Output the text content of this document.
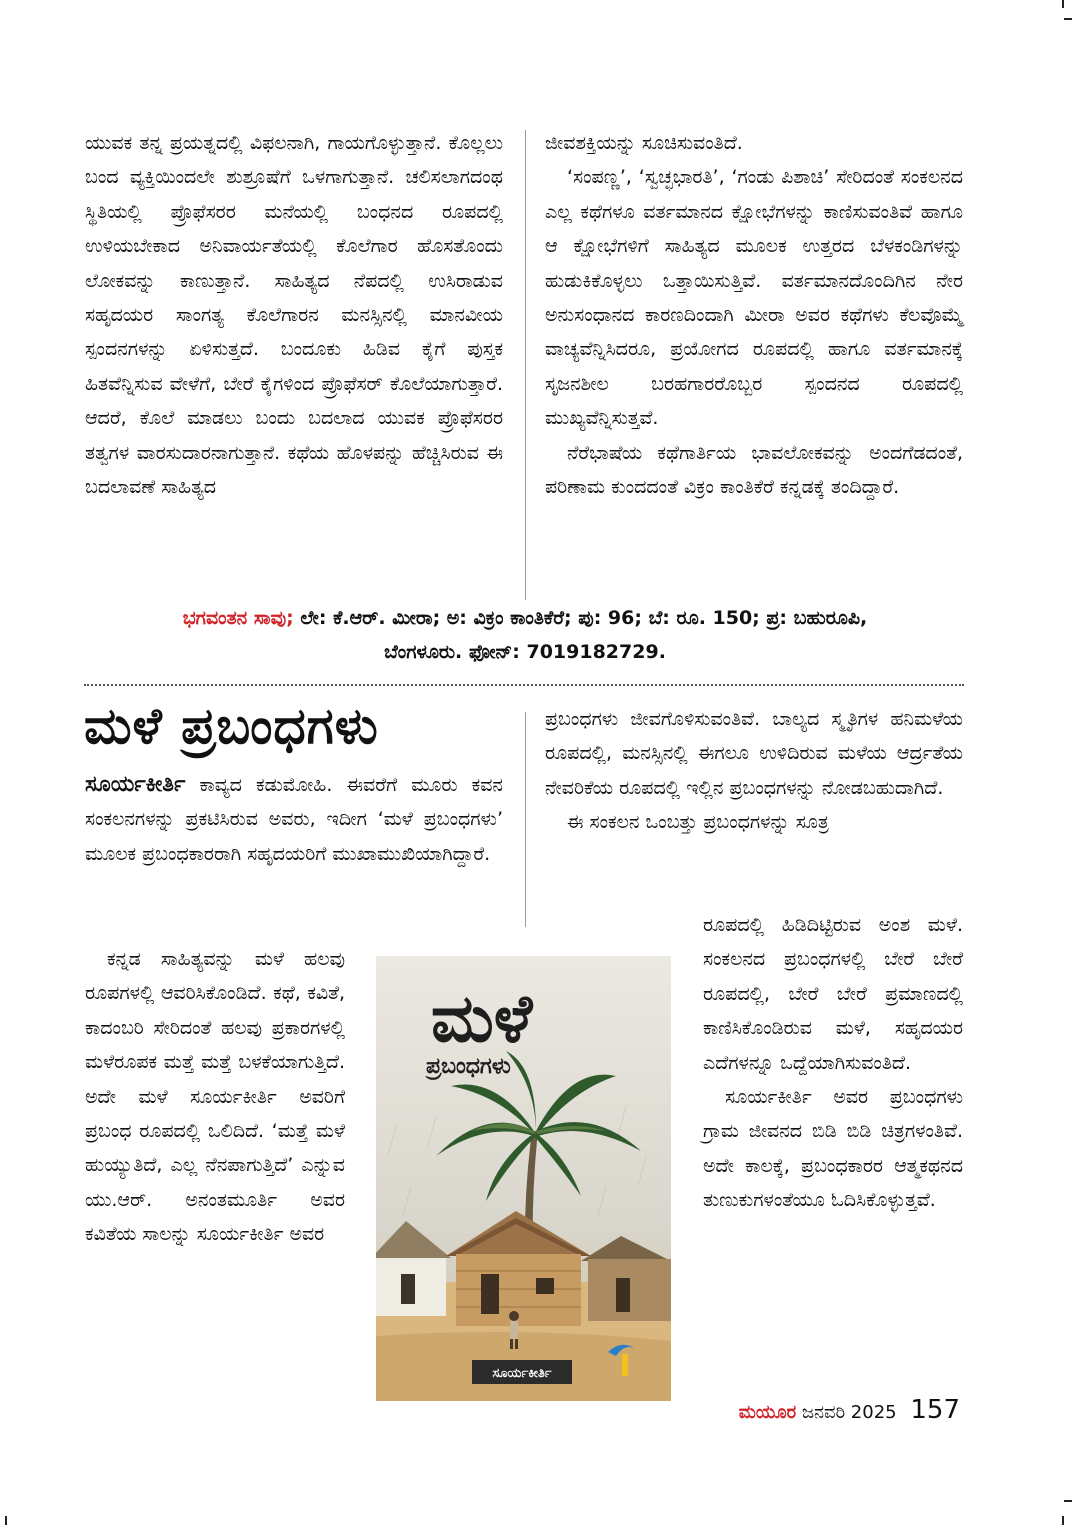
ಯುವಕ ತನ್ನ ಪ್ರಯತ್ನದಲ್ಲಿ ವಿಫಲನಾಗಿ, ಗಾಯಗೊಳ್ಳುತ್ತಾನೆ. ಕೊಲ್ಲಲು ಬಂದ ವ್ಯಕ್ತಿಯಿಂದಲೇ ಶುಶ್ರೂಷೆಗೆ ಒಳಗಾಗುತ್ತಾನೆ. ಚಲಿಸಲಾಗದಂಥ ಸ್ಥಿತಿಯಲ್ಲಿ ಪ್ರೊಫೆಸರರ ಮನೆಯಲ್ಲಿ ಬಂಧನದ ರೂಪದಲ್ಲಿ ಉಳಿಯಬೇಕಾದ ಅನಿವಾರ್ಯತೆಯಲ್ಲಿ ಕೊಲೆಗಾರ ಹೊಸತೊಂದು ಲೋಕವನ್ನು ಕಾಣುತ್ತಾನೆ. ಸಾಹಿತ್ಯದ ನೆಪದಲ್ಲಿ ಉಸಿರಾಡುವ ಸಹೃದಯರ ಸಾಂಗತ್ಯ ಕೊಲೆಗಾರನ ಮನಸ್ಸಿನಲ್ಲಿ ಮಾನವೀಯ ಸ್ಪಂದನಗಳನ್ನು ಏಳಿಸುತ್ತದೆ. ಬಂದೂಕು ಹಿಡಿವ ಕೈಗೆ ಪುಸ್ತಕ ಹಿತವೆನ್ನಿಸುವ ವೇಳೆಗೆ, ಬೇರೆ ಕೈಗಳಿಂದ ಪ್ರೊಫೆಸರ್ ಕೊಲೆಯಾಗುತ್ತಾರೆ. ಆದರೆ, ಕೊಲೆ ಮಾಡಲು ಬಂದು ಬದಲಾದ ಯುವಕ ಪ್ರೊಫೆಸರರ ತತ್ವಗಳ ವಾರಸುದಾರನಾಗುತ್ತಾನೆ. ಕಥೆಯ ಹೊಳಪನ್ನು ಹೆಚ್ಚಿಸಿರುವ ಈ ಬದಲಾವಣೆ ಸಾಹಿತ್ಯದ

ಜೀವಶಕ್ತಿಯನ್ನು ಸೂಚಿಸುವಂತಿದೆ.

‘ಸಂಪಣ್ಣ’, ‘ಸ್ವಚ್ಛಭಾರತಿ’, ‘ಗಂಡು ಪಿಶಾಚಿ’ ಸೇರಿದಂತೆ ಸಂಕಲನದ ಎಲ್ಲ ಕಥೆಗಳೂ ವರ್ತಮಾನದ ಕ್ಷೋಭೆಗಳನ್ನು ಕಾಣಿಸುವಂತಿವೆ ಹಾಗೂ ಆ ಕ್ಷೋಭೆಗಳಿಗೆ ಸಾಹಿತ್ಯದ ಮೂಲಕ ಉತ್ತರದ ಬೆಳಕಂಡಿಗಳನ್ನು ಹುಡುಕಿಕೊಳ್ಳಲು ಒತ್ತಾಯಿಸುತ್ತಿವೆ. ವರ್ತಮಾನದೊಂದಿಗಿನ ನೇರ ಅನುಸಂಧಾನದ ಕಾರಣದಿಂದಾಗಿ ಮೀರಾ ಅವರ ಕಥೆಗಳು ಕೆಲವೊಮ್ಮೆ ವಾಚ್ಯವೆನ್ನಿಸಿದರೂ, ಪ್ರಯೋಗದ ರೂಪದಲ್ಲಿ ಹಾಗೂ ವರ್ತಮಾನಕ್ಕೆ ಸೃಜನಶೀಲ ಬರಹಗಾರರೊಬ್ಬರ ಸ್ಪಂದನದ ರೂಪದಲ್ಲಿ ಮುಖ್ಯವೆನ್ನಿಸುತ್ತವೆ.

ನೆರೆಭಾಷೆಯ ಕಥೆಗಾರ್ತಿಯ ಭಾವಲೋಕವನ್ನು ಅಂದಗೆಡದಂತೆ, ಪರಿಣಾಮ ಕುಂದದಂತೆ ವಿಕ್ರಂ ಕಾಂತಿಕೆರೆ ಕನ್ನಡಕ್ಕೆ ತಂದಿದ್ದಾರೆ.

ಭಗವಂತನ ಸಾವು; ಲೇ: ಕೆ.ಆರ್. ಮೀರಾ; ಅ: ವಿಕ್ರಂ ಕಾಂತಿಕೆರೆ; ಪು: 96; ಬೆ: ರೂ. 150; ಪ್ರ: ಬಹುರೂಪಿ,
ಬೆಂಗಳೂರು. ಫೋನ್: 7019182729.
ಮಳೆ ಪ್ರಬಂಧಗಳು

ಸೂರ್ಯಕೀರ್ತಿ ಕಾವ್ಯದ ಕಡುಮೋಹಿ. ಈವರೆಗೆ ಮೂರು ಕವನ ಸಂಕಲನಗಳನ್ನು ಪ್ರಕಟಿಸಿರುವ ಅವರು, ಇದೀಗ ‘ಮಳೆ ಪ್ರಬಂಧಗಳು’ ಮೂಲಕ ಪ್ರಬಂಧಕಾರರಾಗಿ ಸಹೃದಯರಿಗೆ ಮುಖಾಮುಖಿಯಾಗಿದ್ದಾರೆ.

ಕನ್ನಡ ಸಾಹಿತ್ಯವನ್ನು ಮಳೆ ಹಲವು ರೂಪಗಳಲ್ಲಿ ಆವರಿಸಿಕೊಂಡಿದೆ. ಕಥೆ, ಕವಿತೆ, ಕಾದಂಬರಿ ಸೇರಿದಂತೆ ಹಲವು ಪ್ರಕಾರಗಳಲ್ಲಿ ಮಳೆರೂಪಕ ಮತ್ತೆ ಮತ್ತೆ ಬಳಕೆಯಾಗುತ್ತಿದೆ. ಅದೇ ಮಳೆ ಸೂರ್ಯಕೀರ್ತಿ ಅವರಿಗೆ ಪ್ರಬಂಧ ರೂಪದಲ್ಲಿ ಒಲಿದಿದೆ. ‘ಮತ್ತೆ ಮಳೆ ಹುಯ್ಯುತಿದೆ, ಎಲ್ಲ ನೆನಪಾಗುತ್ತಿದೆ’ ಎನ್ನುವ ಯು.ಆರ್. ಅನಂತಮೂರ್ತಿ ಅವರ ಕವಿತೆಯ ಸಾಲನ್ನು ಸೂರ್ಯಕೀರ್ತಿ ಅವರ

ಪ್ರಬಂಧಗಳು ಜೀವಗೊಳಿಸುವಂತಿವೆ. ಬಾಲ್ಯದ ಸ್ಮೃತಿಗಳ ಹನಿಮಳೆಯ ರೂಪದಲ್ಲಿ, ಮನಸ್ಸಿನಲ್ಲಿ ಈಗಲೂ ಉಳಿದಿರುವ ಮಳೆಯ ಆರ್ದ್ರತೆಯ ನೇವರಿಕೆಯ ರೂಪದಲ್ಲಿ ಇಲ್ಲಿನ ಪ್ರಬಂಧಗಳನ್ನು ನೋಡಬಹುದಾಗಿದೆ.

ಈ ಸಂಕಲನ ಒಂಬತ್ತು ಪ್ರಬಂಧಗಳನ್ನು ಸೂತ್ರ

ರೂಪದಲ್ಲಿ ಹಿಡಿದಿಟ್ಟಿರುವ ಅಂಶ ಮಳೆ. ಸಂಕಲನದ ಪ್ರಬಂಧಗಳಲ್ಲಿ ಬೇರೆ ಬೇರೆ ರೂಪದಲ್ಲಿ, ಬೇರೆ ಬೇರೆ ಪ್ರಮಾಣದಲ್ಲಿ ಕಾಣಿಸಿಕೊಂಡಿರುವ ಮಳೆ, ಸಹೃದಯರ ಎದೆಗಳನ್ನೂ ಒದ್ದೆಯಾಗಿಸುವಂತಿದೆ.

ಸೂರ್ಯಕೀರ್ತಿ ಅವರ ಪ್ರಬಂಧಗಳು ಗ್ರಾಮ ಜೀವನದ ಬಿಡಿ ಬಿಡಿ ಚಿತ್ರಗಳಂತಿವೆ. ಅದೇ ಕಾಲಕ್ಕೆ, ಪ್ರಬಂಧಕಾರರ ಆತ್ಮಕಥನದ ತುಣುಕುಗಳಂತೆಯೂ ಓದಿಸಿಕೊಳ್ಳುತ್ತವೆ.

ಮಳೆ
ಪ್ರಬಂಧಗಳು
ಸೂರ್ಯಕೀರ್ತಿ
ಮಯೂರ ಜನವರಿ 2025 157
